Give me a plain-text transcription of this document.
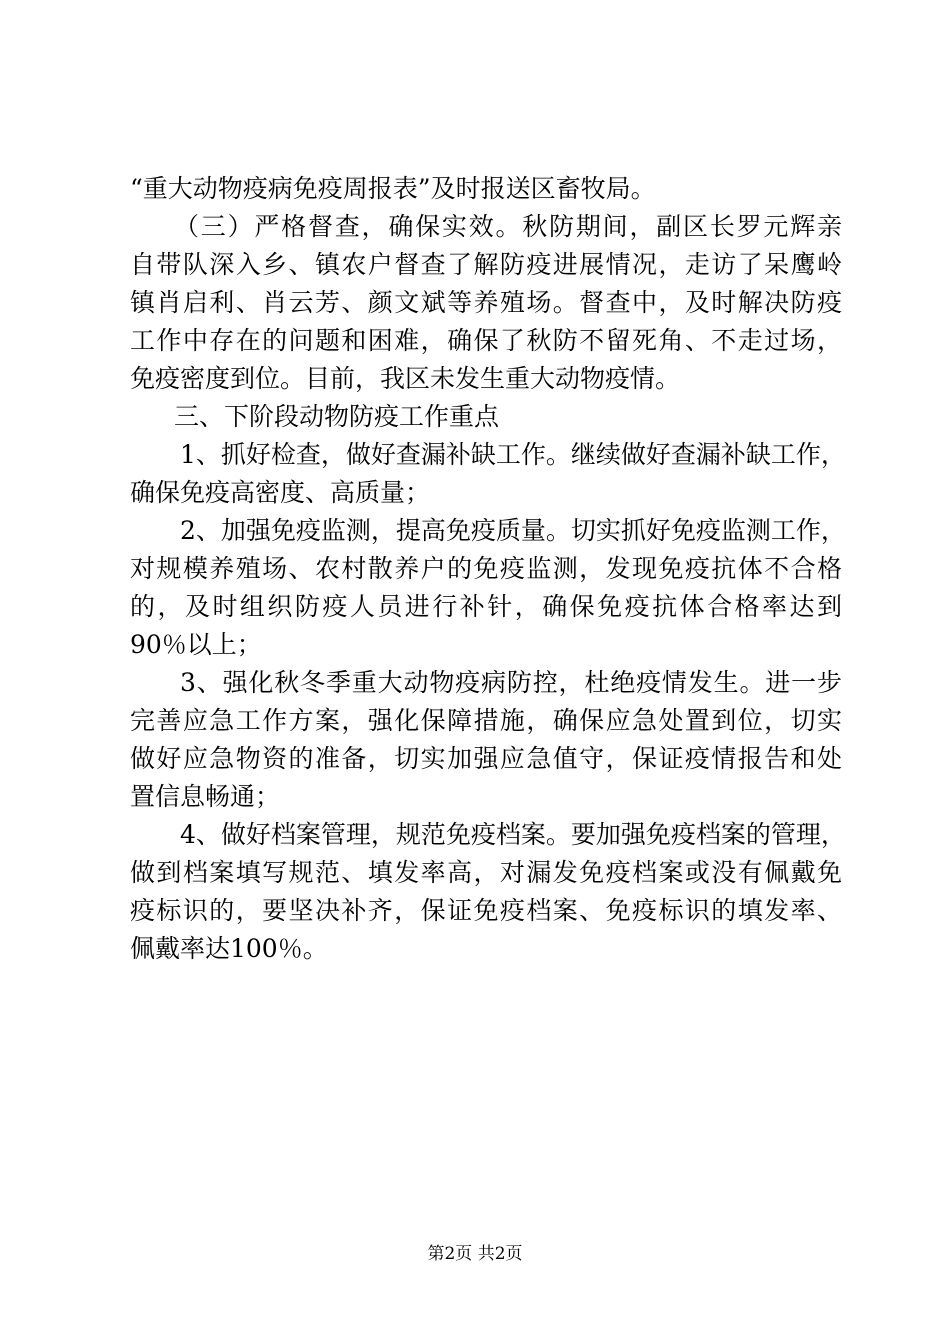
“重大动物疫病免疫周报表”及时报送区畜牧局。
（三）严格督查，确保实效。秋防期间，副区长罗元辉亲
自带队深入乡、镇农户督查了解防疫进展情况，走访了呆鹰岭
镇肖启利、肖云芳、颜文斌等养殖场。督查中，及时解决防疫
工作中存在的问题和困难，确保了秋防不留死角、不走过场，
免疫密度到位。目前，我区未发生重大动物疫情。
三、下阶段动物防疫工作重点
1、抓好检查，做好查漏补缺工作。继续做好查漏补缺工作，
确保免疫高密度、高质量；
2、加强免疫监测，提高免疫质量。切实抓好免疫监测工作，
对规模养殖场、农村散养户的免疫监测，发现免疫抗体不合格
的，及时组织防疫人员进行补针，确保免疫抗体合格率达到
90％以上；
3、强化秋冬季重大动物疫病防控，杜绝疫情发生。进一步
完善应急工作方案，强化保障措施，确保应急处置到位，切实
做好应急物资的准备，切实加强应急值守，保证疫情报告和处
置信息畅通；
4、做好档案管理，规范免疫档案。要加强免疫档案的管理，
做到档案填写规范、填发率高，对漏发免疫档案或没有佩戴免
疫标识的，要坚决补齐，保证免疫档案、免疫标识的填发率、
佩戴率达100％。
第2页 共2页
